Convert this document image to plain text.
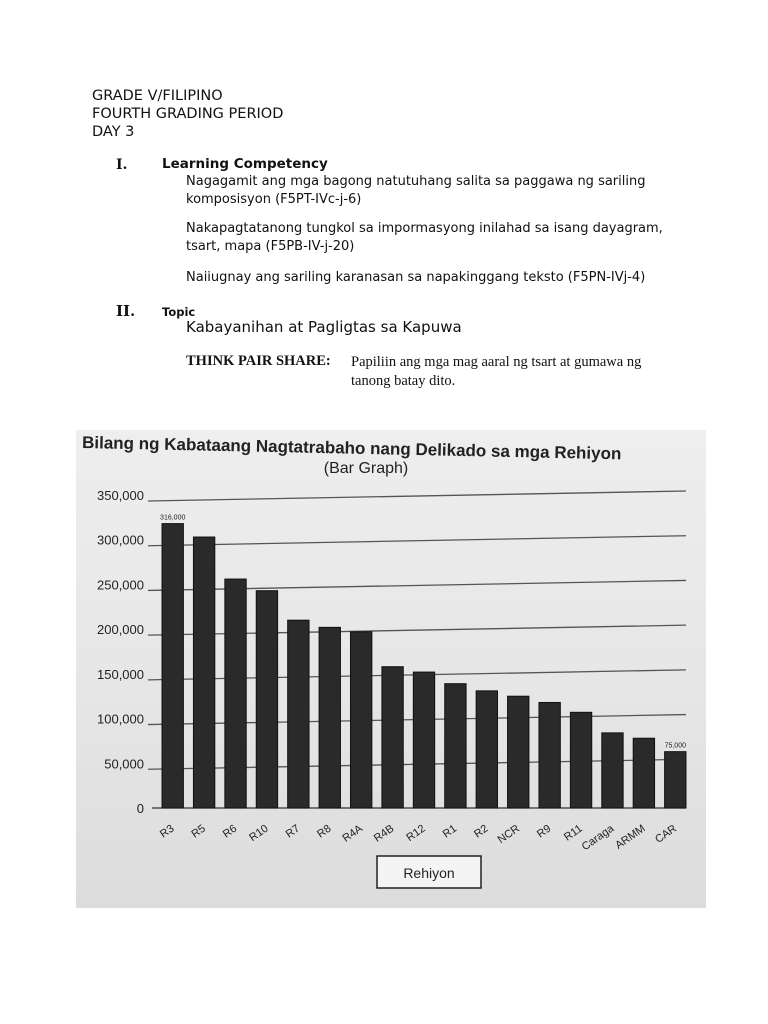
GRADE V/FILIPINO
FOURTH GRADING PERIOD
DAY 3
I.	Learning Competency
Nagagamit ang mga bagong natutuhang salita sa paggawa ng sariling komposisyon (F5PT-IVc-j-6)
Nakapagtatanong tungkol sa impormasyong inilahad sa isang dayagram, tsart, mapa (F5PB-IV-j-20)
Naiiugnay ang sariling karanasan sa napakinggang teksto (F5PN-IVj-4)
II. Topic
Kabayanihan at Pagligtas sa Kapuwa
THINK PAIR SHARE: Papiliin ang mga mag aaral ng tsart at gumawa ng tanong batay dito.
Bilang ng Kabataang Nagtatrabaho nang Delikado sa mga Rehiyon
(Bar Graph)
0
50,000
100,000
150,000
200,000
250,000
300,000
350,000
R3 R5 R6 R10 R7 R8 R4A R4B R12 R1 R2 NCR R9 R11
Caraga
ARMM CAR
316,000
75,000
Rehiyon
